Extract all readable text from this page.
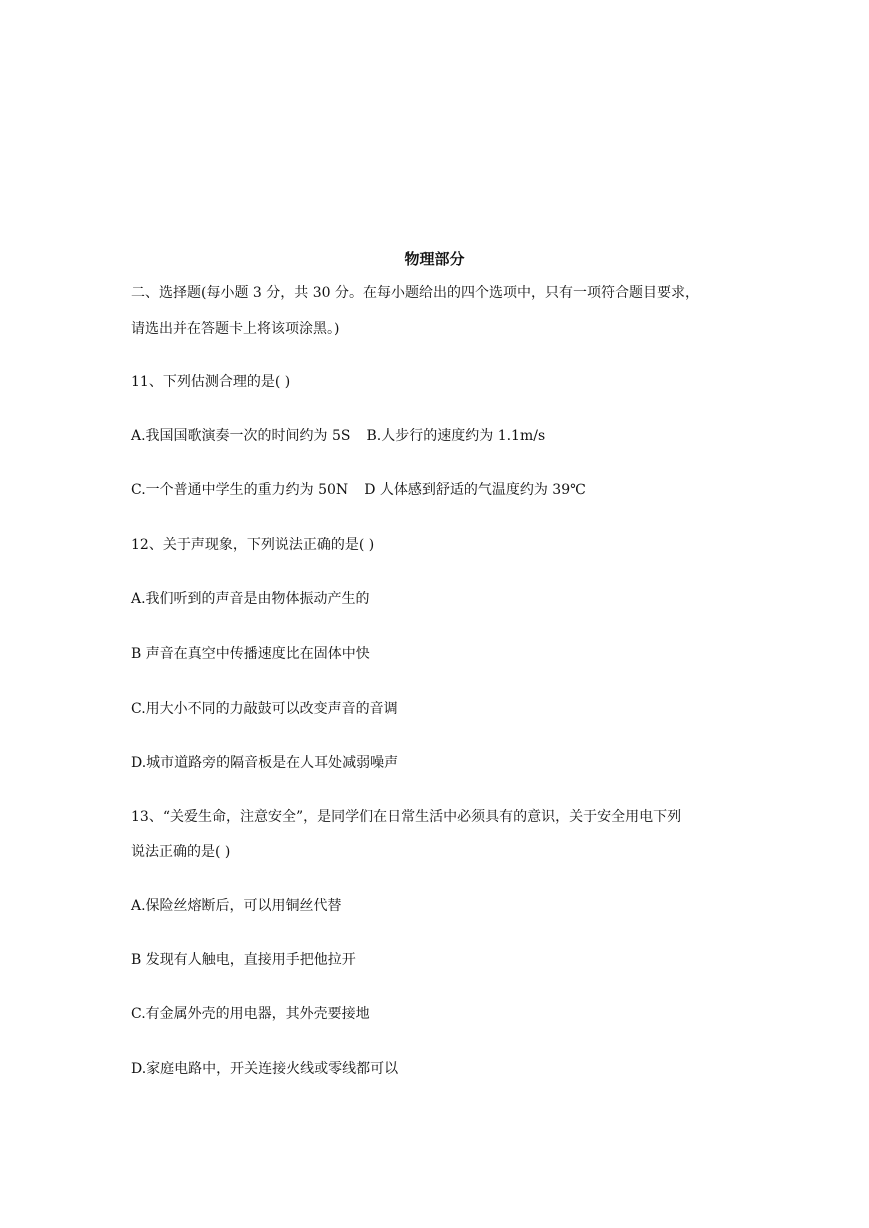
物理部分
二、选择题(每小题 3 分，共 30 分。在每小题给出的四个选项中，只有一项符合题目要求，
请选出并在答题卡上将该项涂黑。)
11、下列估测合理的是( )
A.我国国歌演奏一次的时间约为 5S B.人步行的速度约为 1.1m/s
C.一个普通中学生的重力约为 50N D 人体感到舒适的气温度约为 39℃
12、关于声现象，下列说法正确的是( )
A.我们听到的声音是由物体振动产生的
B 声音在真空中传播速度比在固体中快
C.用大小不同的力敲鼓可以改变声音的音调
D.城市道路旁的隔音板是在人耳处减弱噪声
13、“关爱生命，注意安全”，是同学们在日常生活中必须具有的意识，关于安全用电下列
说法正确的是( )
A.保险丝熔断后，可以用铜丝代替
B 发现有人触电，直接用手把他拉开
C.有金属外壳的用电器，其外壳要接地
D.家庭电路中，开关连接火线或零线都可以
